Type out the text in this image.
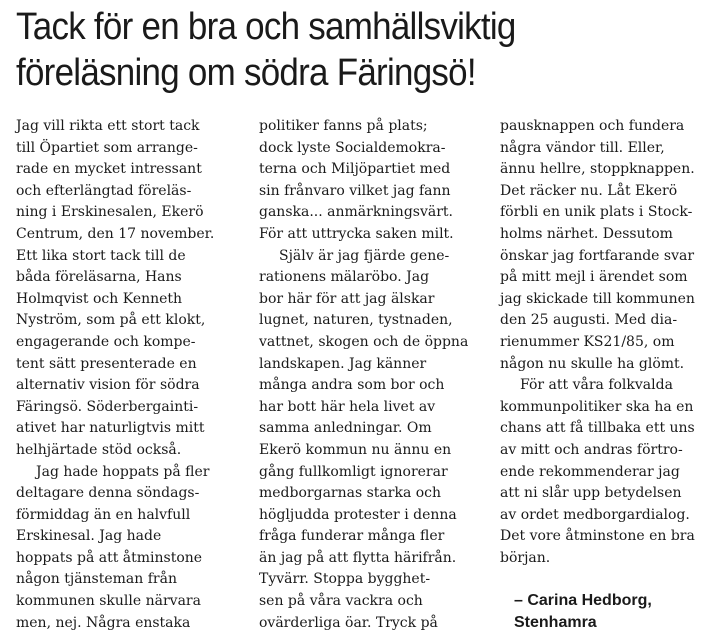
Tack för en bra och samhällsviktig
föreläsning om södra Färingsö!
Jag vill rikta ett stort tack
till Öpartiet som arrange-
rade en mycket intressant
och efterlängtad föreläs-
ning i Erskinesalen, Ekerö
Centrum, den 17 november.
Ett lika stort tack till de
båda föreläsarna, Hans
Holmqvist och Kenneth
Nyström, som på ett klokt,
engagerande och kompe-
tent sätt presenterade en
alternativ vision för södra
Färingsö. Söderbergainti-
ativet har naturligtvis mitt
helhjärtade stöd också.
Jag hade hoppats på fler
deltagare denna söndags-
förmiddag än en halvfull
Erskinesal. Jag hade
hoppats på att åtminstone
någon tjänsteman från
kommunen skulle närvara
men, nej. Några enstaka
politiker fanns på plats;
dock lyste Socialdemokra-
terna och Miljöpartiet med
sin frånvaro vilket jag fann
ganska... anmärkningsvärt.
För att uttrycka saken milt.
Själv är jag fjärde gene-
rationens mälaröbo. Jag
bor här för att jag älskar
lugnet, naturen, tystnaden,
vattnet, skogen och de öppna
landskapen. Jag känner
många andra som bor och
har bott här hela livet av
samma anledningar. Om
Ekerö kommun nu ännu en
gång fullkomligt ignorerar
medborgarnas starka och
högljudda protester i denna
fråga funderar många fler
än jag på att flytta härifrån.
Tyvärr. Stoppa bygghet-
sen på våra vackra och
ovärderliga öar. Tryck på
pausknappen och fundera
några vändor till. Eller,
ännu hellre, stoppknappen.
Det räcker nu. Låt Ekerö
förbli en unik plats i Stock-
holms närhet. Dessutom
önskar jag fortfarande svar
på mitt mejl i ärendet som
jag skickade till kommunen
den 25 augusti. Med dia-
rienummer KS21/85, om
någon nu skulle ha glömt.
För att våra folkvalda
kommunpolitiker ska ha en
chans att få tillbaka ett uns
av mitt och andras förtro-
ende rekommenderar jag
att ni slår upp betydelsen
av ordet medborgardialog.
Det vore åtminstone en bra
början.
– Carina Hedborg,
Stenhamra
